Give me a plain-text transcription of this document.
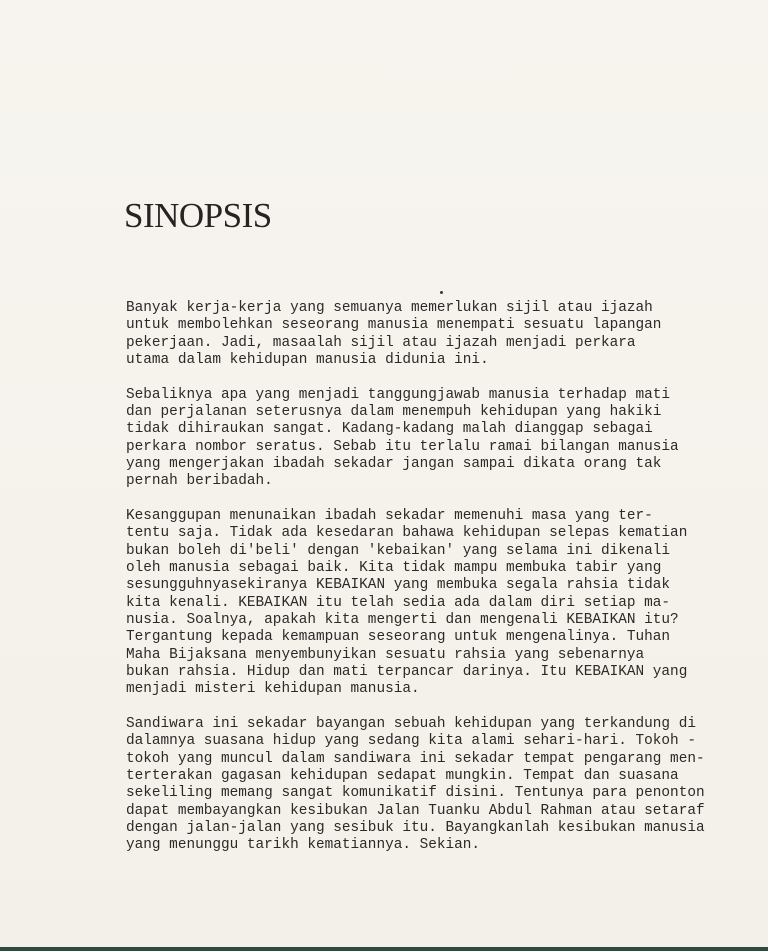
SINOPSIS

Banyak kerja-kerja yang semuanya memerlukan sijil atau ijazah
untuk membolehkan seseorang manusia menempati sesuatu lapangan
pekerjaan. Jadi, masaalah sijil atau ijazah menjadi perkara
utama dalam kehidupan manusia didunia ini.

Sebaliknya apa yang menjadi tanggungjawab manusia terhadap mati
dan perjalanan seterusnya dalam menempuh kehidupan yang hakiki
tidak dihiraukan sangat. Kadang-kadang malah dianggap sebagai
perkara nombor seratus. Sebab itu terlalu ramai bilangan manusia
yang mengerjakan ibadah sekadar jangan sampai dikata orang tak
pernah beribadah.

Kesanggupan menunaikan ibadah sekadar memenuhi masa yang ter-
tentu saja. Tidak ada kesedaran bahawa kehidupan selepas kematian
bukan boleh di'beli' dengan 'kebaikan' yang selama ini dikenali
oleh manusia sebagai baik. Kita tidak mampu membuka tabir yang
sesungguhnyasekiranya KEBAIKAN yang membuka segala rahsia tidak
kita kenali. KEBAIKAN itu telah sedia ada dalam diri setiap ma-
nusia. Soalnya, apakah kita mengerti dan mengenali KEBAIKAN itu?
Tergantung kepada kemampuan seseorang untuk mengenalinya. Tuhan
Maha Bijaksana menyembunyikan sesuatu rahsia yang sebenarnya
bukan rahsia. Hidup dan mati terpancar darinya. Itu KEBAIKAN yang
menjadi misteri kehidupan manusia.

Sandiwara ini sekadar bayangan sebuah kehidupan yang terkandung di
dalamnya suasana hidup yang sedang kita alami sehari-hari. Tokoh -
tokoh yang muncul dalam sandiwara ini sekadar tempat pengarang men-
terterakan gagasan kehidupan sedapat mungkin. Tempat dan suasana
sekeliling memang sangat komunikatif disini. Tentunya para penonton
dapat membayangkan kesibukan Jalan Tuanku Abdul Rahman atau setaraf
dengan jalan-jalan yang sesibuk itu. Bayangkanlah kesibukan manusia
yang menunggu tarikh kematiannya. Sekian.
